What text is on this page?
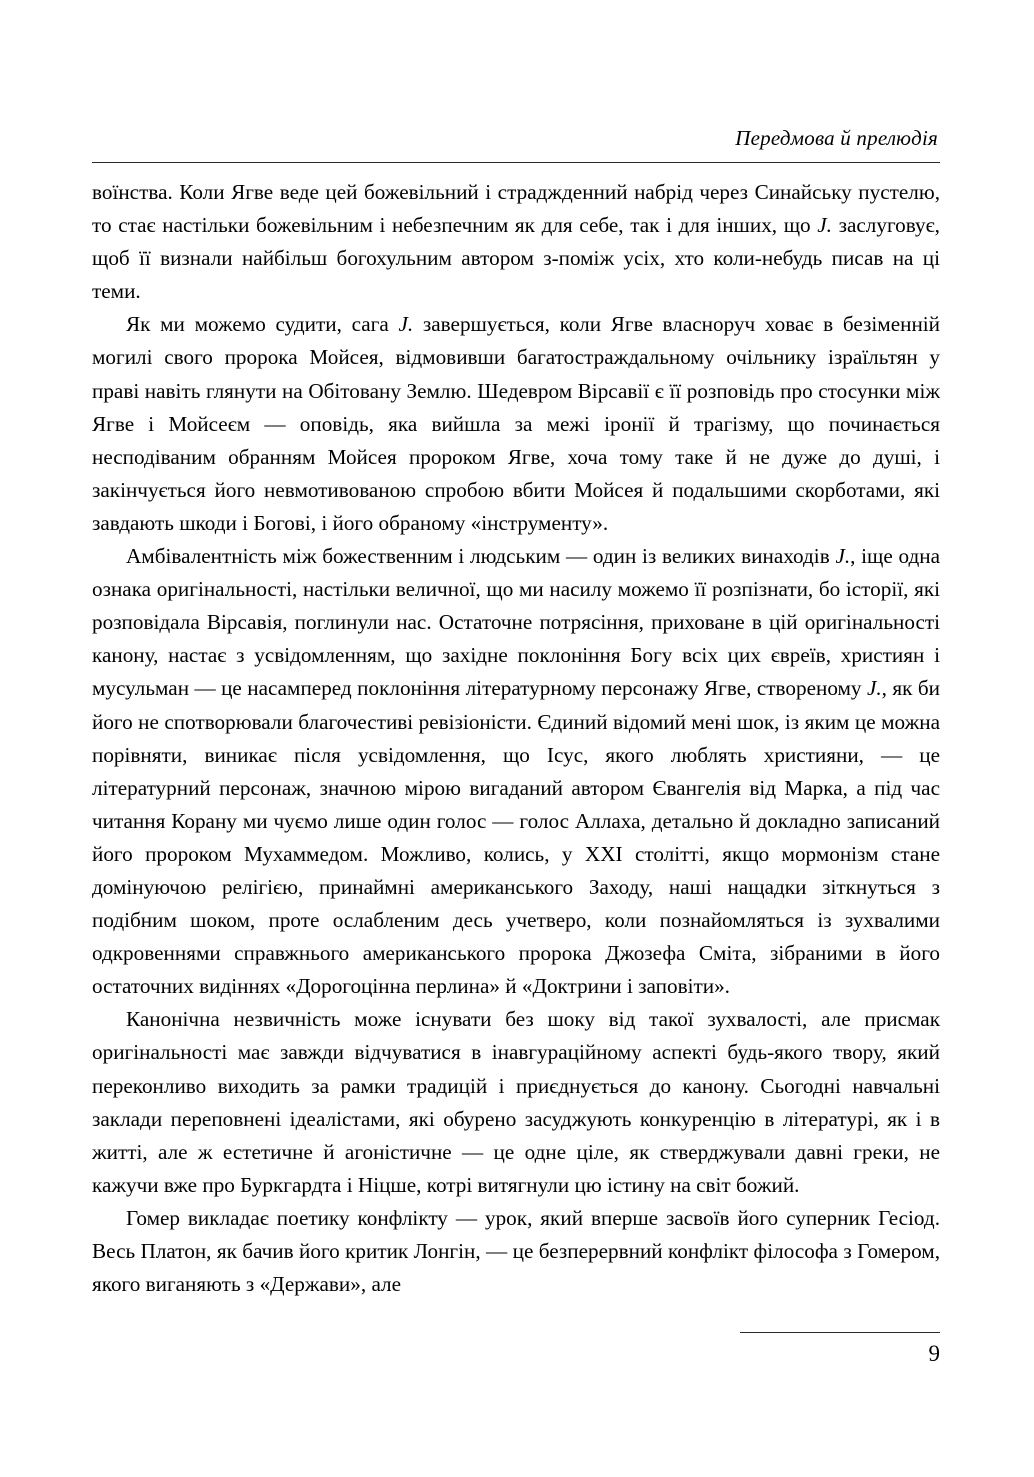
Передмова й прелюдія

воїнства. Коли Ягве веде цей божевільний і страджденний набрід через Синайську пустелю, то стає настільки божевільним і небезпечним як для себе, так і для інших, що J. заслуговує, щоб її визнали найбільш богохульним автором з-поміж усіх, хто коли-небудь писав на ці теми.

Як ми можемо судити, сага J. завершується, коли Ягве власноруч ховає в безіменній могилі свого пророка Мойсея, відмовивши багатостраждальному очільнику ізраїльтян у праві навіть глянути на Обітовану Землю. Шедевром Вірсавії є її розповідь про стосунки між Ягве і Мойсеєм — оповідь, яка вийшла за межі іронії й трагізму, що починається несподіваним обранням Мойсея пророком Ягве, хоча тому таке й не дуже до душі, і закінчується його невмотивованою спробою вбити Мойсея й подальшими скорботами, які завдають шкоди і Богові, і його обраному «інструменту».

Амбівалентність між божественним і людським — один із великих винаходів J., іще одна ознака оригінальності, настільки величної, що ми насилу можемо її розпізнати, бо історії, які розповідала Вірсавія, поглинули нас. Остаточне потрясіння, приховане в цій оригінальності канону, настає з усвідомленням, що західне поклоніння Богу всіх цих євреїв, християн і мусульман — це насамперед поклоніння літературному персонажу Ягве, створеному J., як би його не спотворювали благочестиві ревізіоністи. Єдиний відомий мені шок, із яким це можна порівняти, виникає після усвідомлення, що Ісус, якого люблять християни, — це літературний персонаж, значною мірою вигаданий автором Євангелія від Марка, а під час читання Корану ми чуємо лише один голос — голос Аллаха, детально й докладно записаний його пророком Мухаммедом. Можливо, колись, у XXI столітті, якщо мормонізм стане домінуючою релігією, принаймні американського Заходу, наші нащадки зіткнуться з подібним шоком, проте ослабленим десь учетверо, коли познайомляться із зухвалими одкровеннями справжнього американського пророка Джозефа Сміта, зібраними в його остаточних видіннях «Дорогоцінна перлина» й «Доктрини і заповіти».

Канонічна незвичність може існувати без шоку від такої зухвалості, але присмак оригінальності має завжди відчуватися в інавгураційному аспекті будь-якого твору, який переконливо виходить за рамки традицій і приєднується до канону. Сьогодні навчальні заклади переповнені ідеалістами, які обурено засуджують конкуренцію в літературі, як і в житті, але ж естетичне й агоністичне — це одне ціле, як стверджували давні греки, не кажучи вже про Буркгардта і Ніцше, котрі витягнули цю істину на світ божий.

Гомер викладає поетику конфлікту — урок, який вперше засвоїв його суперник Гесіод. Весь Платон, як бачив його критик Лонгін, — це безперервний конфлікт філософа з Гомером, якого виганяють з «Держави», але

9
